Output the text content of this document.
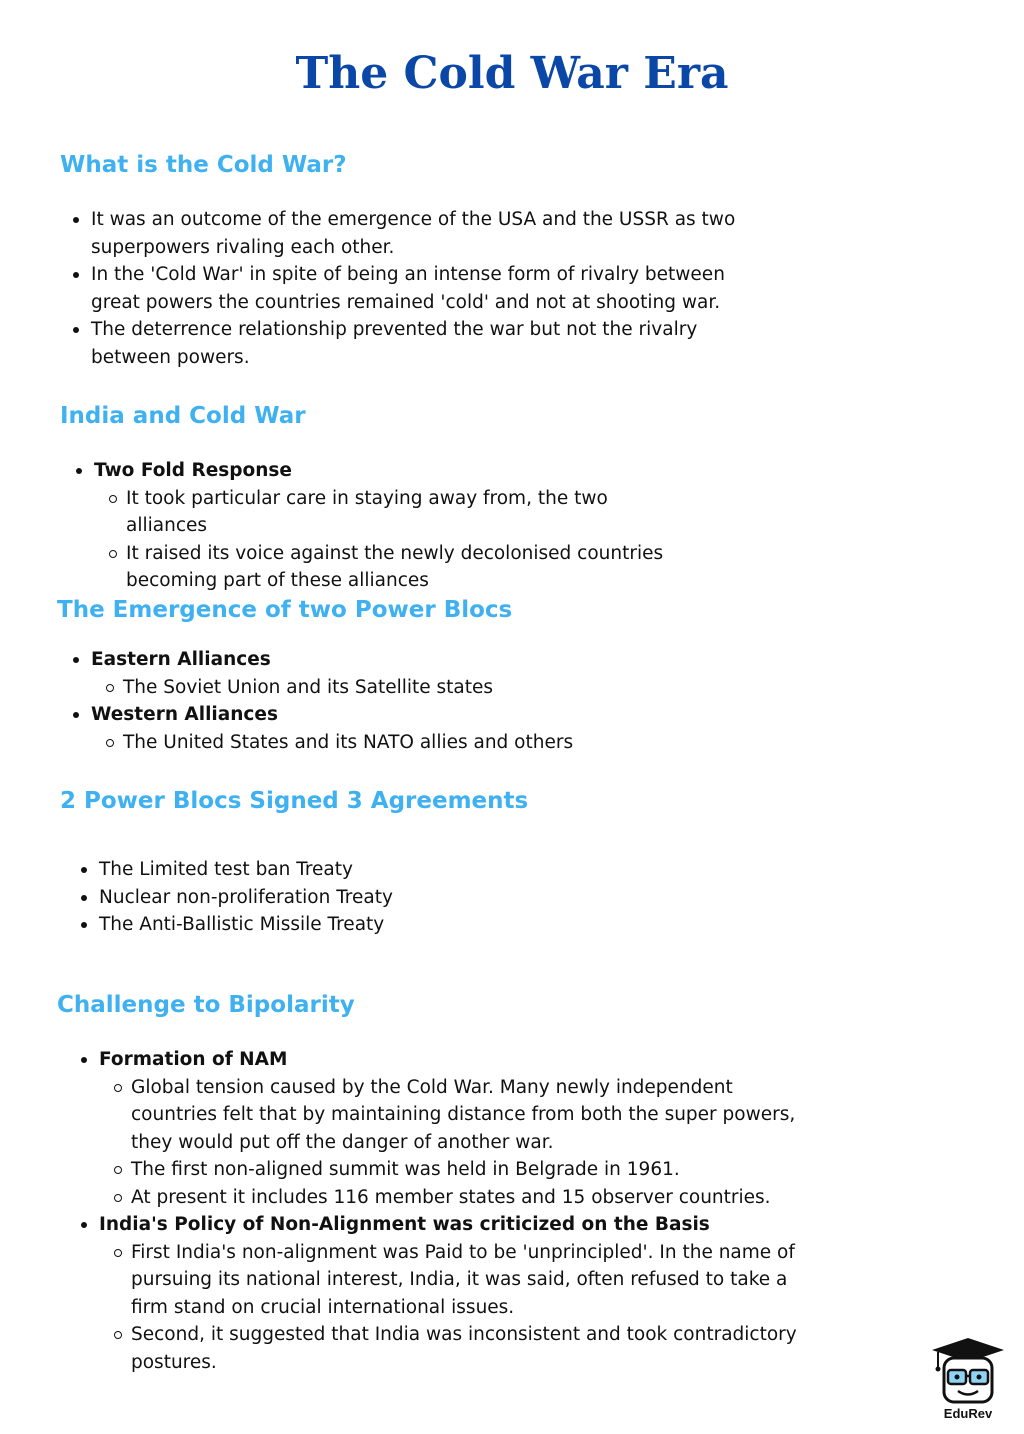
The Cold War Era
What is the Cold War?
It was an outcome of the emergence of the USA and the USSR as two superpowers rivaling each other.
In the 'Cold War' in spite of being an intense form of rivalry between great powers the countries remained 'cold' and not at shooting war.
The deterrence relationship prevented the war but not the rivalry between powers.
India and Cold War
Two Fold Response
It took particular care in staying away from, the two alliances
It raised its voice against the newly decolonised countries becoming part of these alliances
The Emergence of two Power Blocs
Eastern Alliances
The Soviet Union and its Satellite states
Western Alliances
The United States and its NATO allies and others
2 Power Blocs Signed 3 Agreements
The Limited test ban Treaty
Nuclear non-proliferation Treaty
The Anti-Ballistic Missile Treaty
Challenge to Bipolarity
Formation of NAM
Global tension caused by the Cold War. Many newly independent countries felt that by maintaining distance from both the super powers, they would put off the danger of another war.
The first non-aligned summit was held in Belgrade in 1961.
At present it includes 116 member states and 15 observer countries.
India's Policy of Non-Alignment was criticized on the Basis
First India's non-alignment was Paid to be 'unprincipled'. In the name of pursuing its national interest, India, it was said, often refused to take a firm stand on crucial international issues.
Second, it suggested that India was inconsistent and took contradictory postures.
EduRev
